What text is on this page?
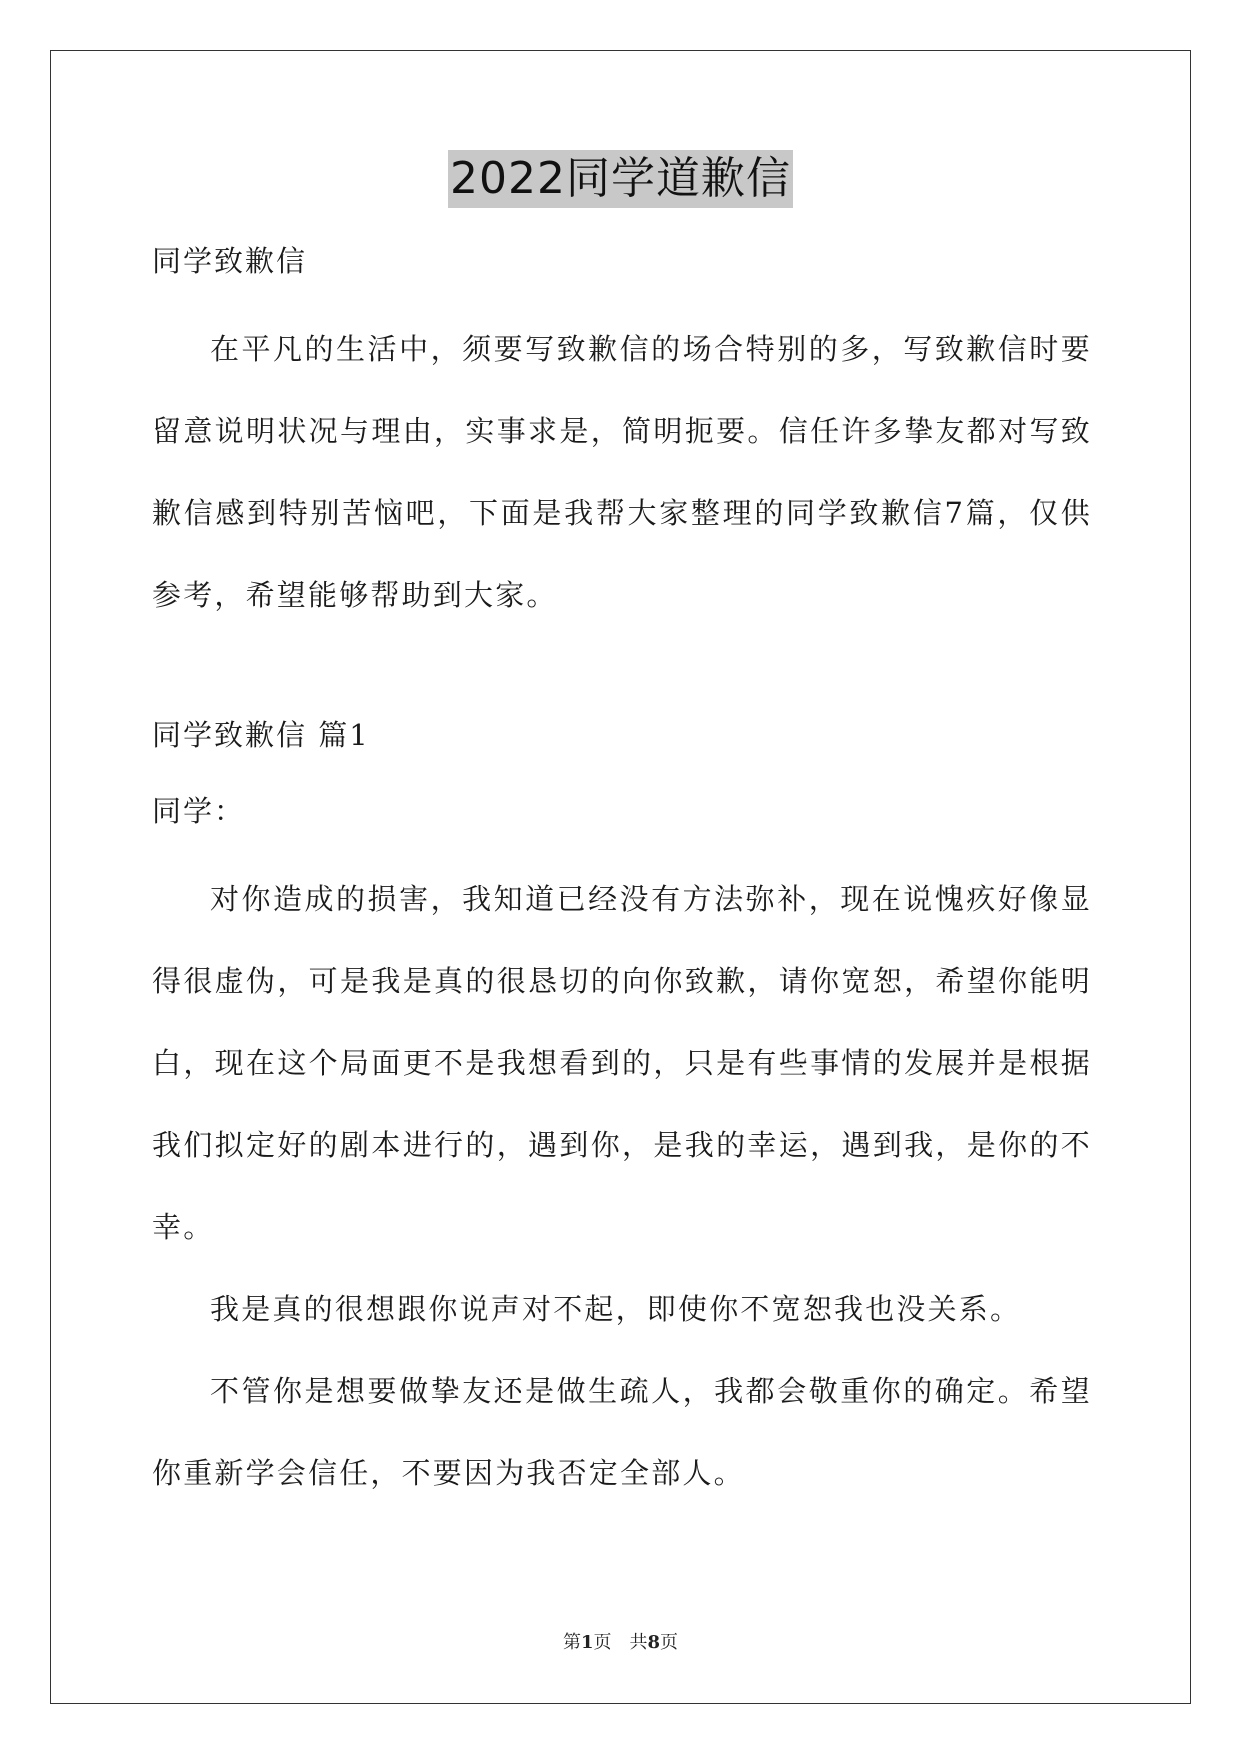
2022同学道歉信

同学致歉信

在平凡的生活中，须要写致歉信的场合特别的多，写致歉信时要留意说明状况与理由，实事求是，简明扼要。信任许多挚友都对写致歉信感到特别苦恼吧，下面是我帮大家整理的同学致歉信7篇，仅供参考，希望能够帮助到大家。

同学致歉信 篇1

同学：

对你造成的损害，我知道已经没有方法弥补，现在说愧疚好像显得很虚伪，可是我是真的很恳切的向你致歉，请你宽恕，希望你能明白，现在这个局面更不是我想看到的，只是有些事情的发展并是根据我们拟定好的剧本进行的，遇到你，是我的幸运，遇到我，是你的不幸。

我是真的很想跟你说声对不起，即使你不宽恕我也没关系。

不管你是想要做挚友还是做生疏人，我都会敬重你的确定。希望你重新学会信任，不要因为我否定全部人。

第1页　共8页
